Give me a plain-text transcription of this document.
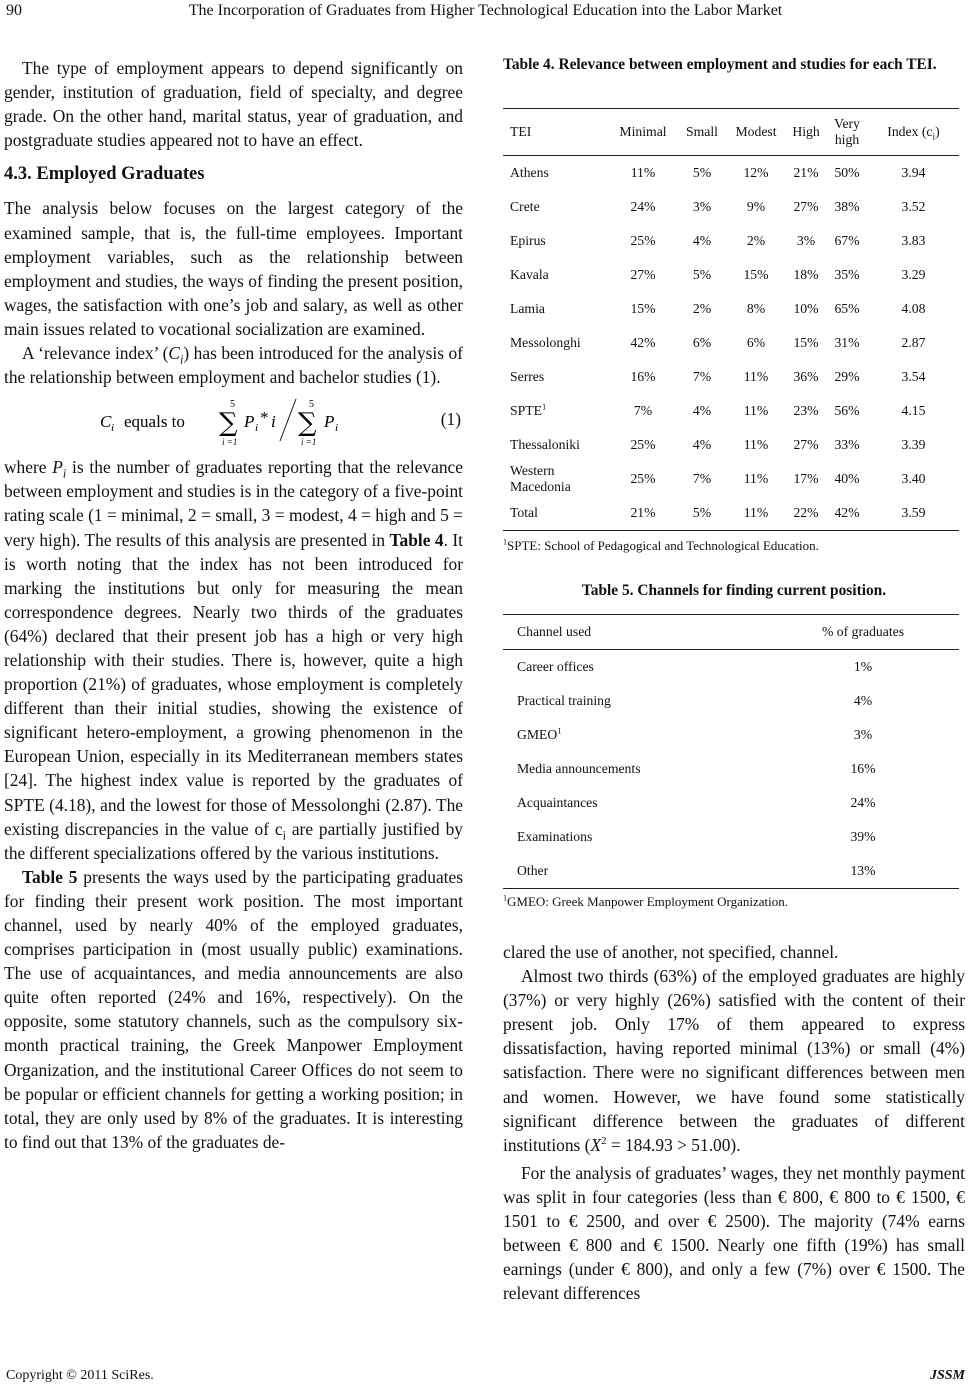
The Incorporation of Graduates from Higher Technological Education into the Labor Market
90

The type of employment appears to depend significantly on gender, institution of graduation, field of specialty, and degree grade. On the other hand, marital status, year of graduation, and postgraduate studies appeared not to have an effect.

4.3. Employed Graduates

The analysis below focuses on the largest category of the examined sample, that is, the full-time employees. Important employment variables, such as the relationship between employment and studies, the ways of finding the present position, wages, the satisfaction with one’s job and salary, as well as other main issues related to vocational socialization are examined.

A ‘relevance index’ $(C_i)$ has been introduced for the analysis of the relationship between employment and bachelor studies (1).

C i equals to
5
∑
i =1
P i
* i
5
∑
i =1
P i	(1)

where $P_i$ is the number of graduates reporting that the relevance between employment and studies is in the category of a five-point rating scale (1 = minimal, 2 = small, 3 = modest, 4 = high and 5 = very high). The results of this analysis are presented in Table 4. It is worth noting that the index has not been introduced for marking the institutions but only for measuring the mean correspondence degrees. Nearly two thirds of the graduates (64%) declared that their present job has a high or very high relationship with their studies. There is, however, quite a high proportion (21%) of graduates, whose employment is completely different than their initial studies, showing the existence of significant hetero-employment, a growing phenomenon in the European Union, especially in its Mediterranean members states [24]. The highest index value is reported by the graduates of SPTE (4.18), and the lowest for those of Messolonghi (2.87). The existing discrepancies in the value of $c_i$ are partially justified by the different specializations offered by the various institutions.

Table 5 presents the ways used by the participating graduates for finding their present work position. The most important channel, used by nearly 40% of the employed graduates, comprises participation in (most usually public) examinations. The use of acquaintances, and media announcements are also quite often reported (24% and 16%, respectively). On the opposite, some statutory channels, such as the compulsory six-month practical training, the Greek Manpower Employment Organization, and the institutional Career Offices do not seem to be popular or efficient channels for getting a working position; in total, they are only used by 8% of the graduates. It is interesting to find out that 13% of the graduates de-

Table 4. Relevance between employment and studies for each TEI.
TEI	Minimal	Small	Modest	High	Very high	Index $(c_i)$
Athens	11%	5%	12%	21%	50%	3.94
Crete	24%	3%	9%	27%	38%	3.52
Epirus	25%	4%	2%	3%	67%	3.83
Kavala	27%	5%	15%	18%	35%	3.29
Lamia	15%	2%	8%	10%	65%	4.08
Messolonghi	42%	6%	6%	15%	31%	2.87
Serres	16%	7%	11%	36%	29%	3.54
SPTE$^1$	7%	4%	11%	23%	56%	4.15
Thessaloniki	25%	4%	11%	27%	33%	3.39
Western Macedonia	25%	7%	11%	17%	40%	3.40
Total	21%	5%	11%	22%	42%	3.59
$^1$SPTE: School of Pedagogical and Technological Education.
Table 5. Channels for finding current position.
Channel used	% of graduates
Career offices	1%
Practical training	4%
GMEO$^1$	3%
Media announcements	16%
Acquaintances	24%
Examinations	39%
Other	13%
$^1$GMEO: Greek Manpower Employment Organization.

clared the use of another, not specified, channel.

Almost two thirds (63%) of the employed graduates are highly (37%) or very highly (26%) satisfied with the content of their present job. Only 17% of them appeared to express dissatisfaction, having reported minimal (13%) or small (4%) satisfaction. There were no significant differences between men and women. However, we have found some statistically significant difference between the graduates of different institutions $(X^2 = 184.93 > 51.00)$.

For the analysis of graduates’ wages, they net monthly payment was split in four categories (less than € 800, € 800 to € 1500, € 1501 to € 2500, and over € 2500). The majority (74% earns between € 800 and € 1500. Nearly one fifth (19%) has small earnings (under € 800), and only a few (7%) over € 1500. The relevant differences

Copyright © 2011 SciRes.	JSSM
